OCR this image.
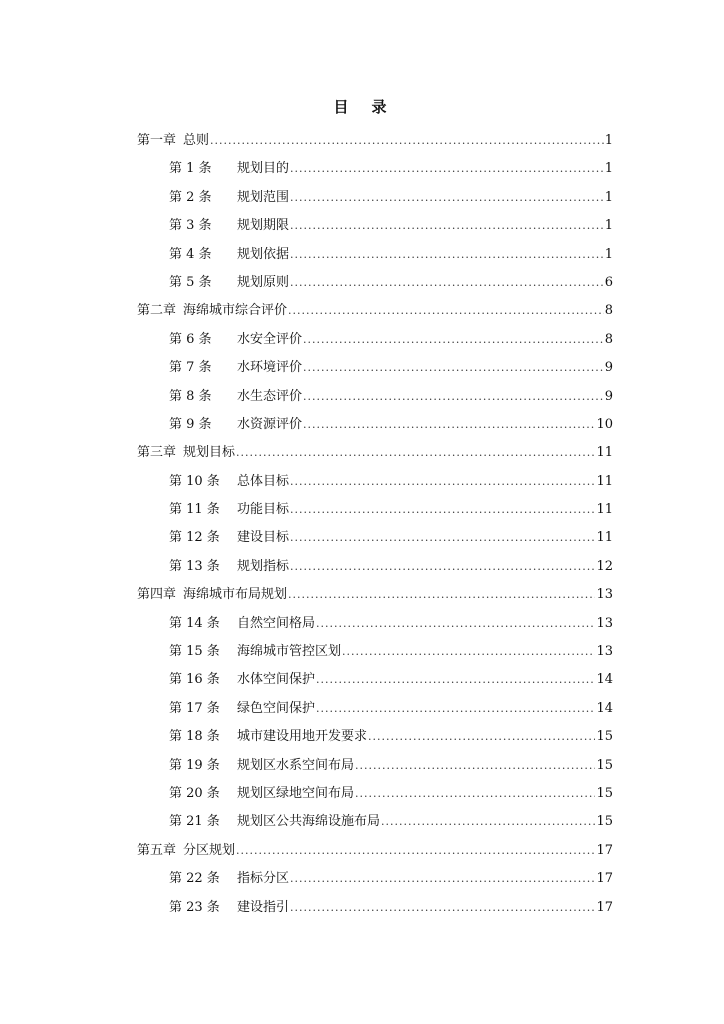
目　录
第一章 总则 .....	1
第 1 条	规划目的 .....	1
第 2 条	规划范围 .....	1
第 3 条	规划期限 .....	1
第 4 条	规划依据 .....	1
第 5 条	规划原则 .....	6
第二章 海绵城市综合评价 .....	8
第 6 条	水安全评价 .....	8
第 7 条	水环境评价 .....	9
第 8 条	水生态评价 .....	9
第 9 条	水资源评价 .....	10
第三章 规划目标 .....	11
第 10 条	总体目标 .....	11
第 11 条	功能目标 .....	11
第 12 条	建设目标 .....	11
第 13 条	规划指标 .....	12
第四章 海绵城市布局规划 .....	13
第 14 条	自然空间格局 .....	13
第 15 条	海绵城市管控区划 .....	13
第 16 条	水体空间保护 .....	14
第 17 条	绿色空间保护 .....	14
第 18 条	城市建设用地开发要求 .....	15
第 19 条	规划区水系空间布局 .....	15
第 20 条	规划区绿地空间布局 .....	15
第 21 条	规划区公共海绵设施布局 .....	15
第五章 分区规划 .....	17
第 22 条	指标分区 .....	17
第 23 条	建设指引 .....	17
